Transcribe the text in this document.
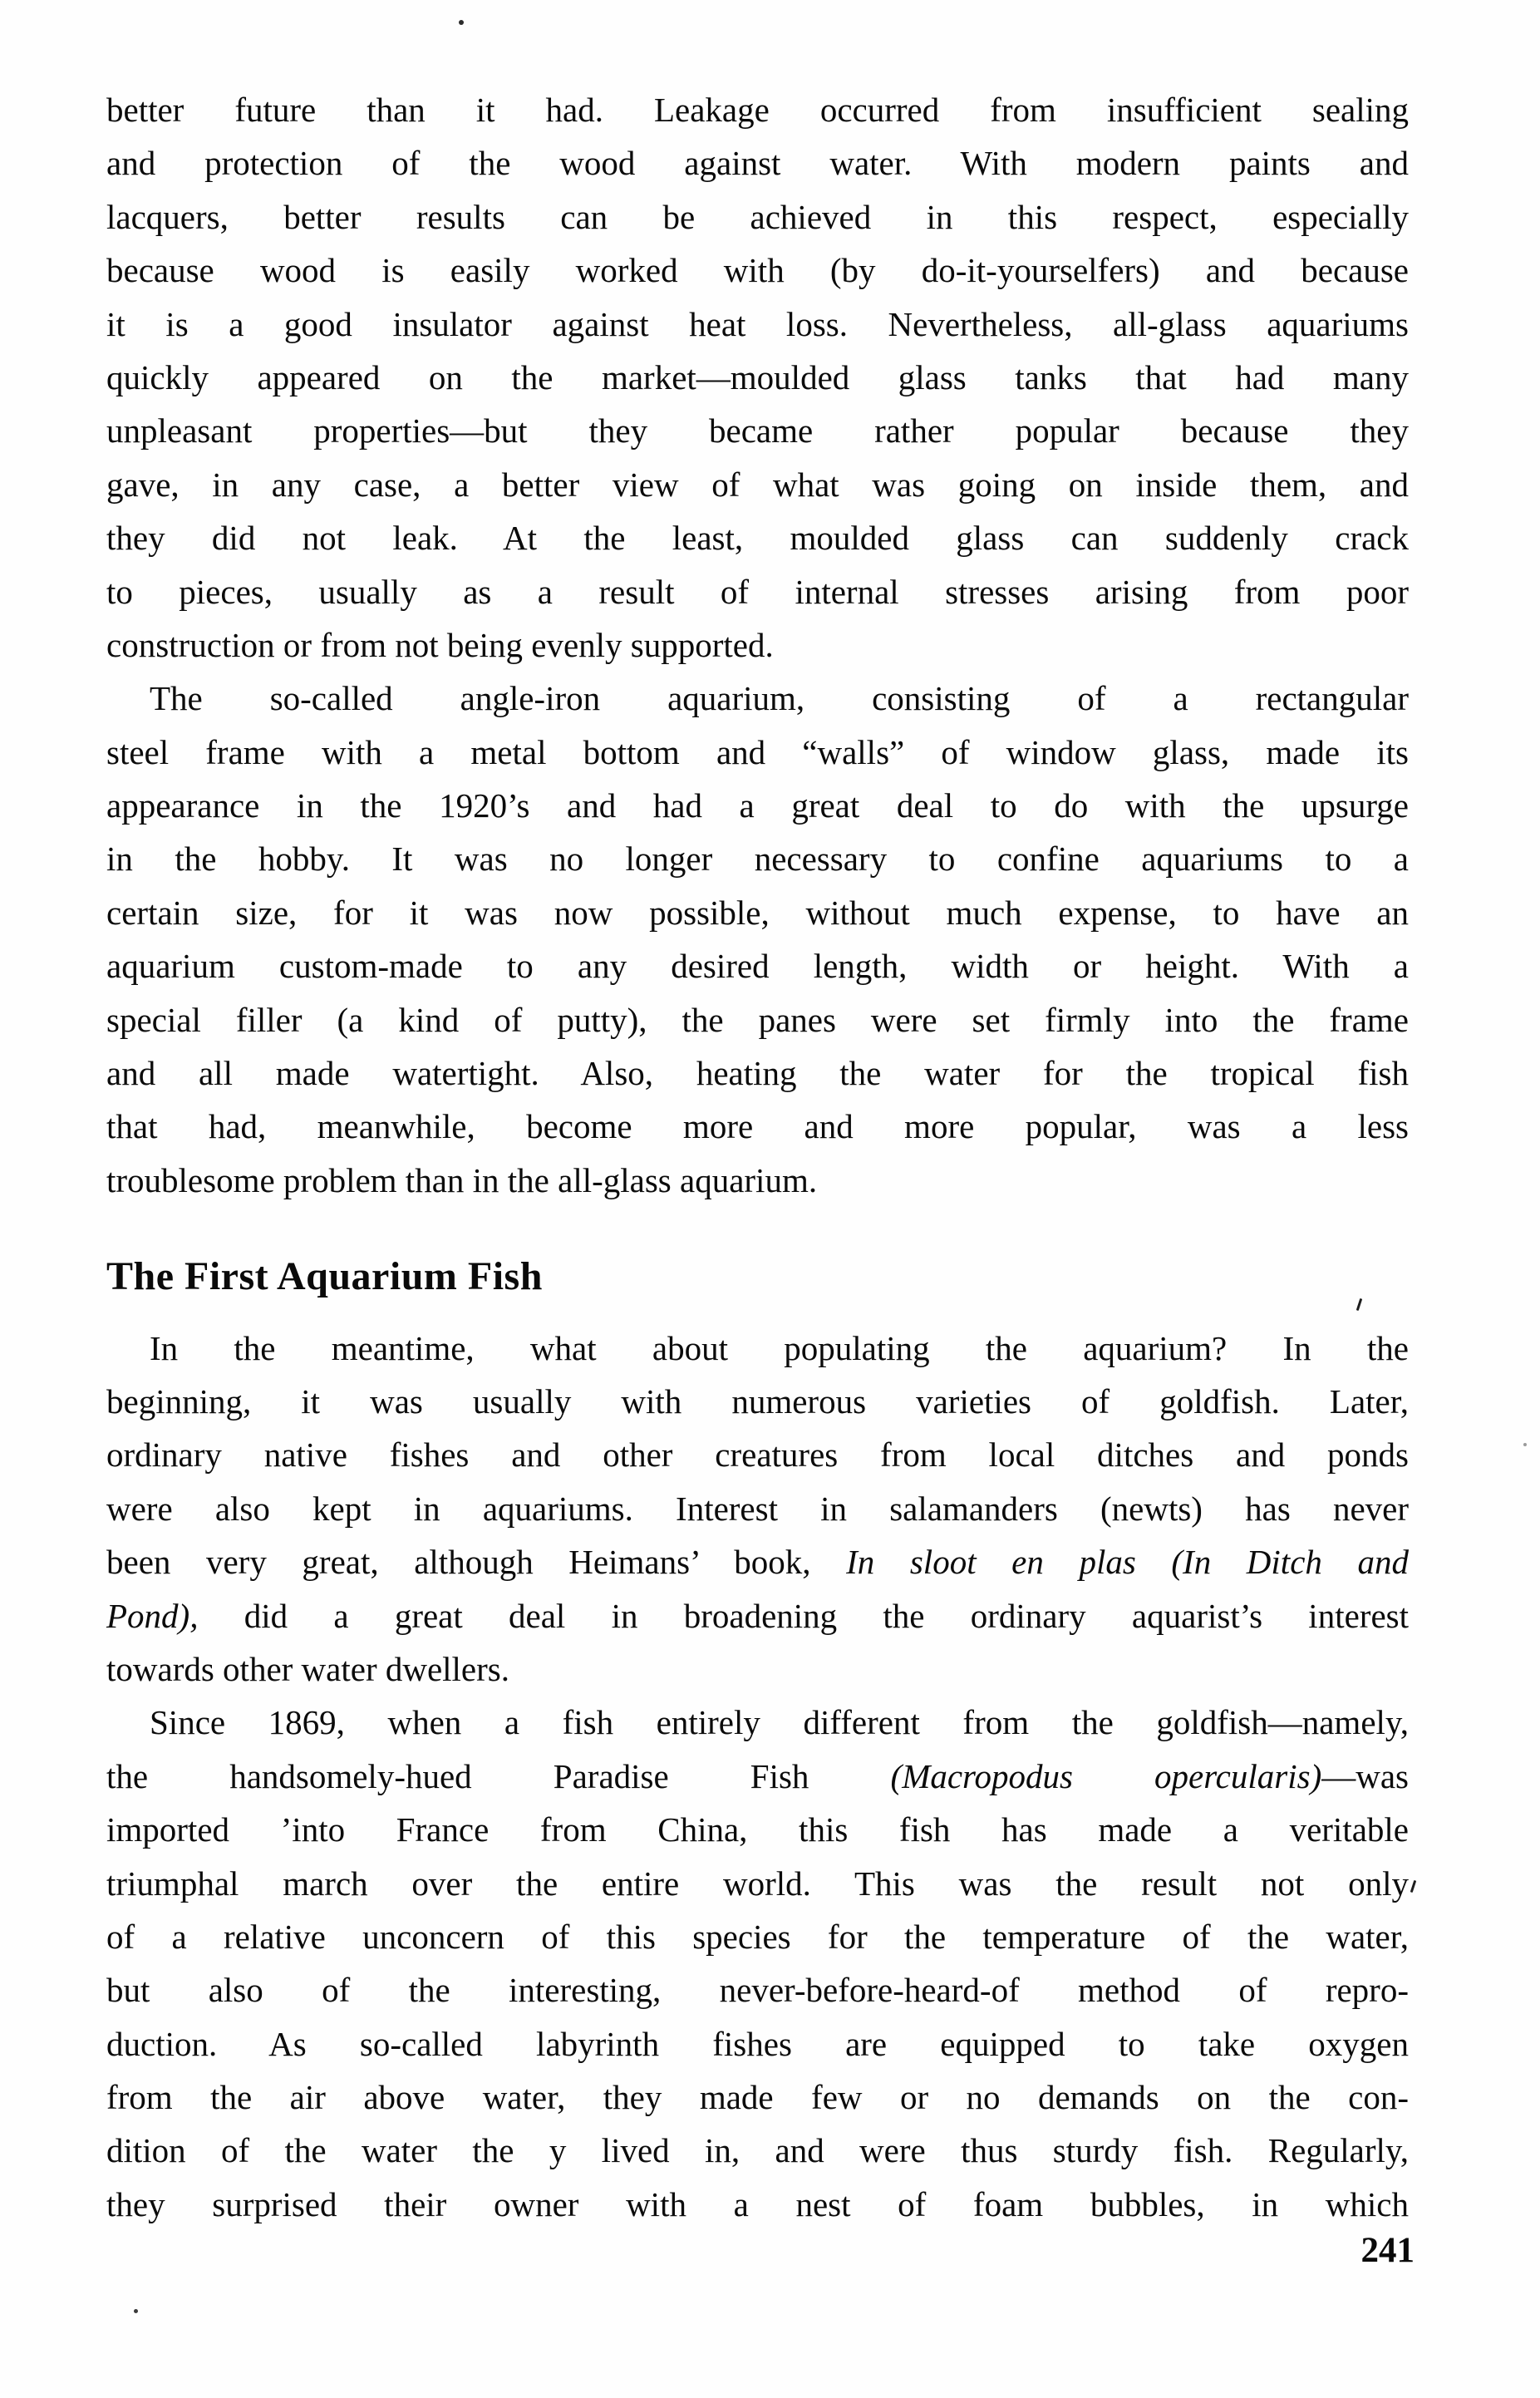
better future than it had. Leakage occurred from insufficient sealing
and protection of the wood against water. With modern paints and
lacquers, better results can be achieved in this respect, especially
because wood is easily worked with (by do-it-yourselfers) and because
it is a good insulator against heat loss. Nevertheless, all-glass aquariums
quickly appeared on the market—moulded glass tanks that had many
unpleasant properties—but they became rather popular because they
gave, in any case, a better view of what was going on inside them, and
they did not leak. At the least, moulded glass can suddenly crack
to pieces, usually as a result of internal stresses arising from poor
construction or from not being evenly supported.
The so-called angle-iron aquarium, consisting of a rectangular
steel frame with a metal bottom and “walls” of window glass, made its
appearance in the 1920’s and had a great deal to do with the upsurge
in the hobby. It was no longer necessary to confine aquariums to a
certain size, for it was now possible, without much expense, to have an
aquarium custom-made to any desired length, width or height. With a
special filler (a kind of putty), the panes were set firmly into the frame
and all made watertight. Also, heating the water for the tropical fish
that had, meanwhile, become more and more popular, was a less
troublesome problem than in the all-glass aquarium.
The First Aquarium Fish
In the meantime, what about populating the aquarium? In the
beginning, it was usually with numerous varieties of goldfish. Later,
ordinary native fishes and other creatures from local ditches and ponds
were also kept in aquariums. Interest in salamanders (newts) has never
been very great, although Heimans’ book, In sloot en plas (In Ditch and
Pond), did a great deal in broadening the ordinary aquarist’s interest
towards other water dwellers.
Since 1869, when a fish entirely different from the goldfish—namely,
the handsomely-hued Paradise Fish (Macropodus opercularis)—was
imported ’into France from China, this fish has made a veritable
triumphal march over the entire world. This was the result not only
of a relative unconcern of this species for the temperature of the water,
but also of the interesting, never-before-heard-of method of repro-
duction. As so-called labyrinth fishes are equipped to take oxygen
from the air above water, they made few or no demands on the con-
dition of the water the y lived in, and were thus sturdy fish. Regularly,
they surprised their owner with a nest of foam bubbles, in which
241
